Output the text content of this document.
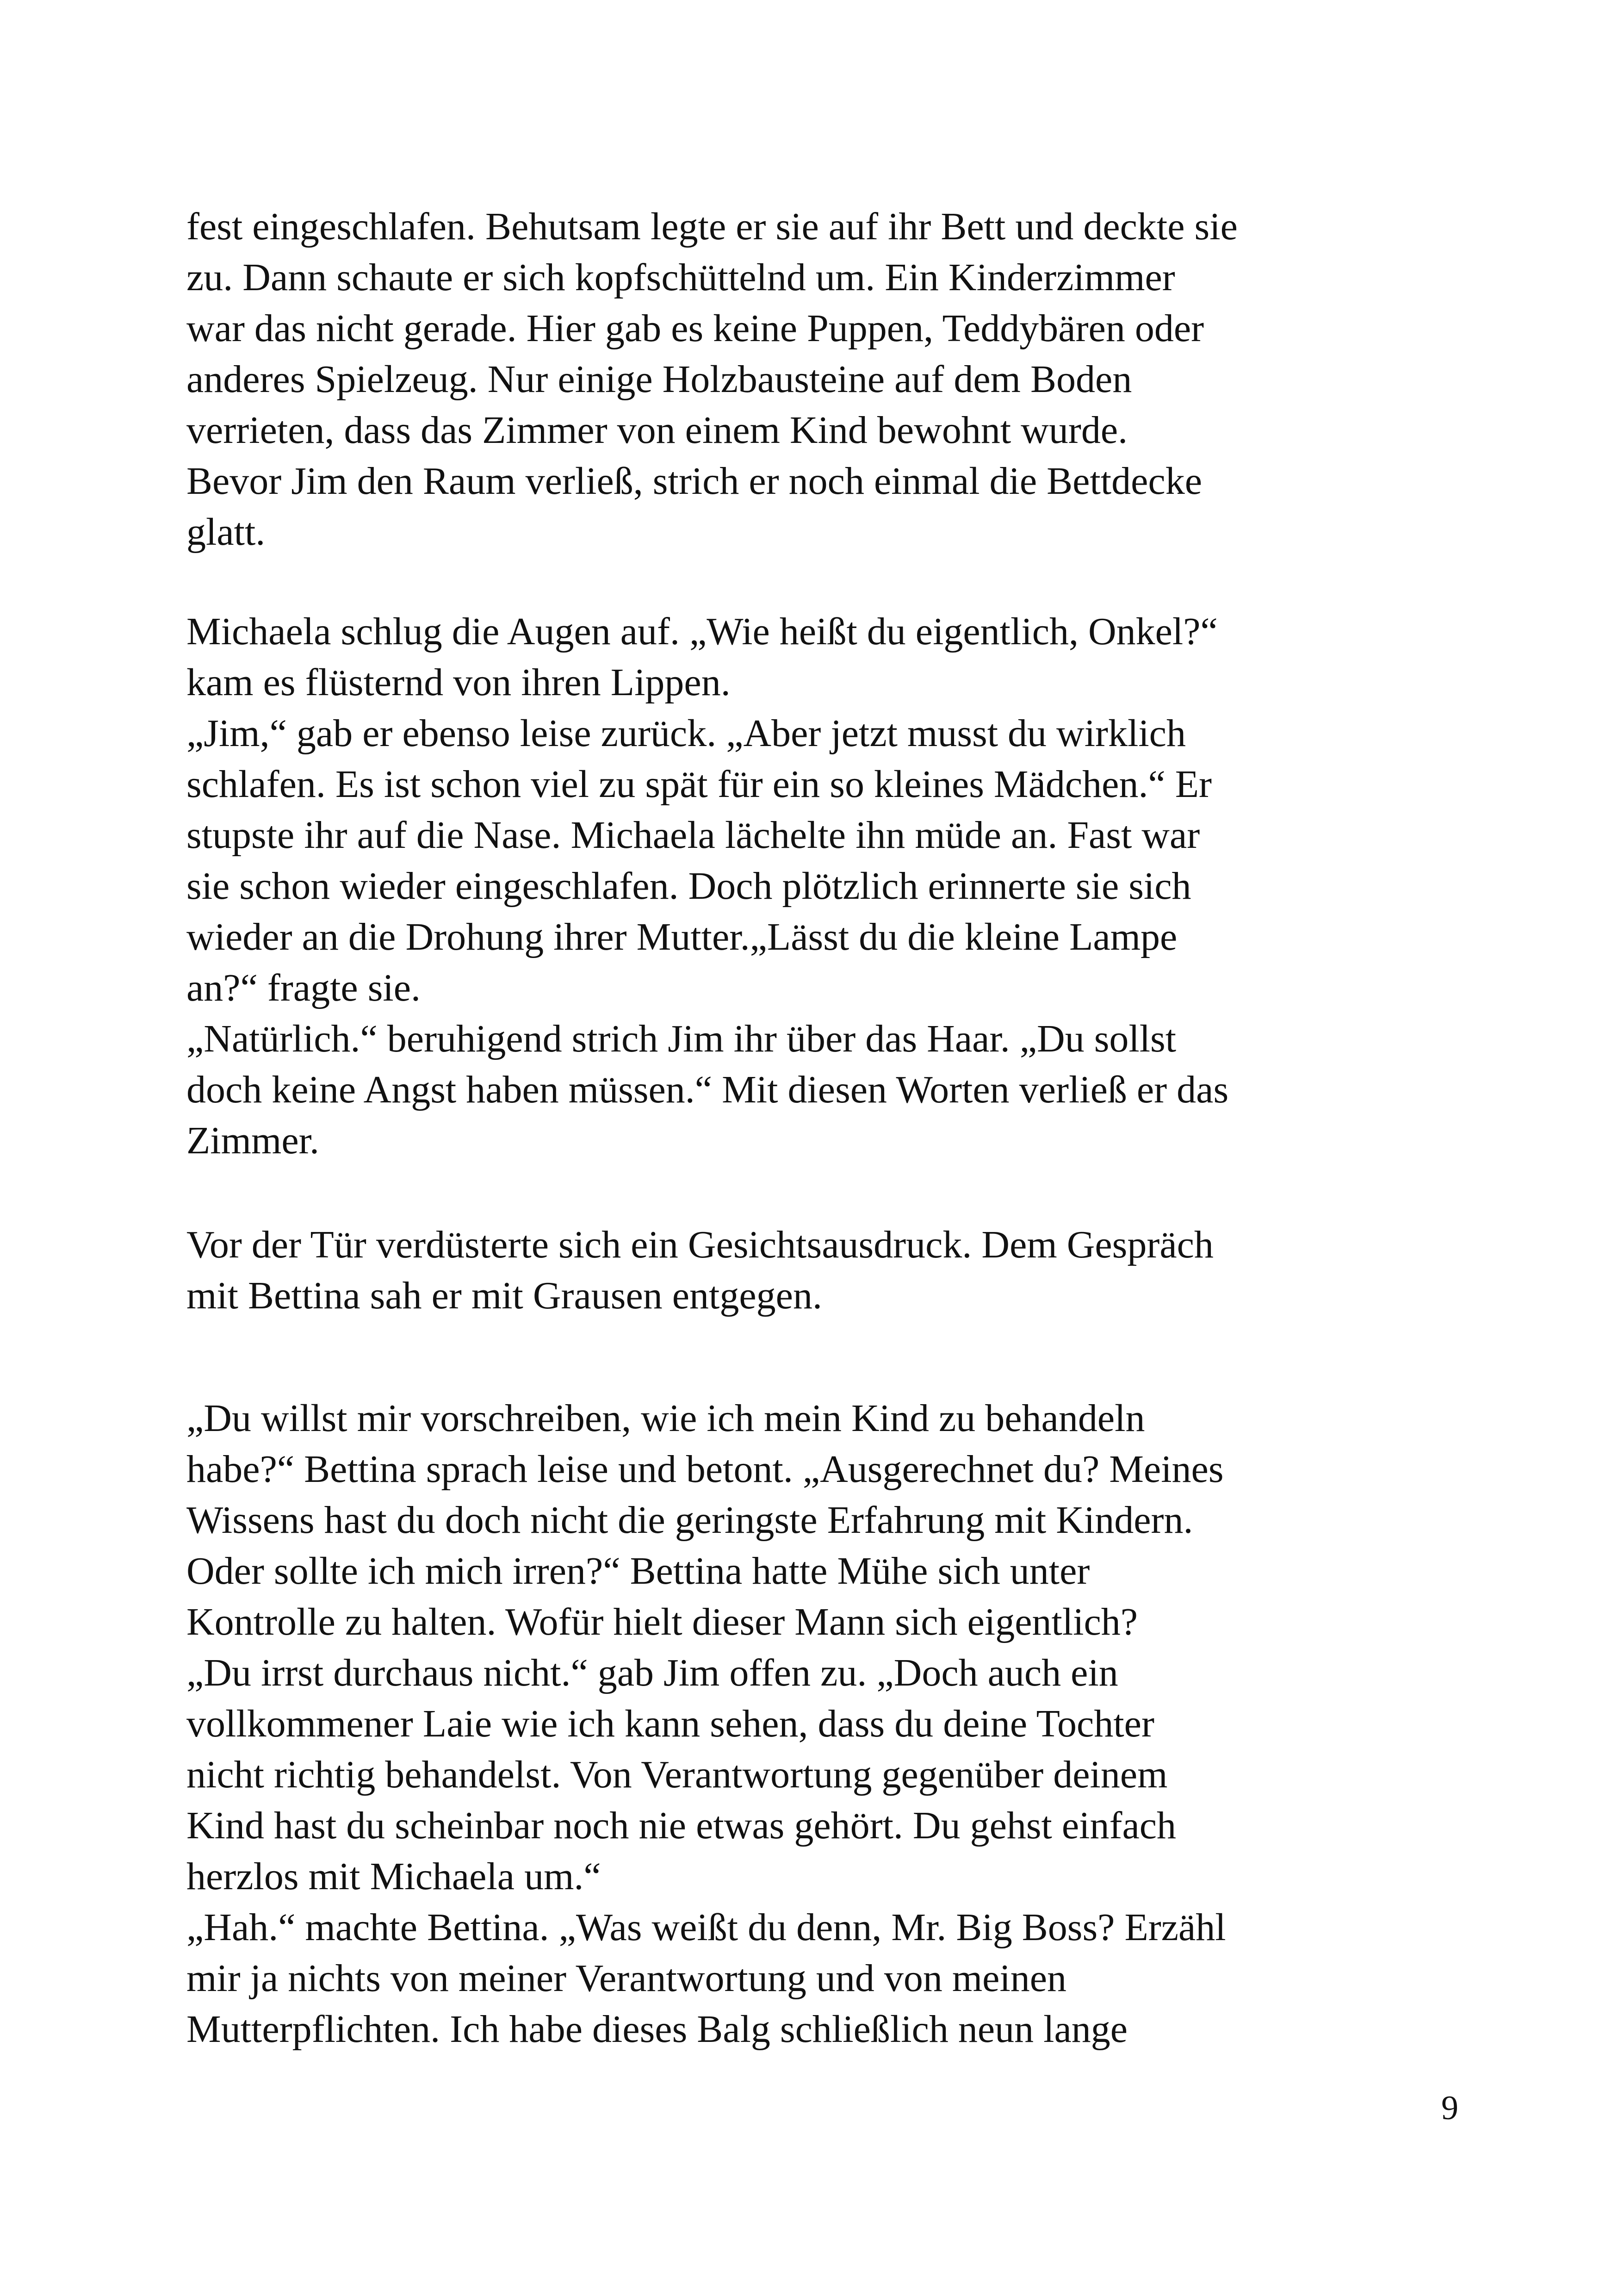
fest eingeschlafen. Behutsam legte er sie auf ihr Bett und deckte sie
zu. Dann schaute er sich kopfschüttelnd um. Ein Kinderzimmer
war das nicht gerade. Hier gab es keine Puppen, Teddybären oder
anderes Spielzeug. Nur einige Holzbausteine auf dem Boden
verrieten, dass das Zimmer von einem Kind bewohnt wurde.
Bevor Jim den Raum verließ, strich er noch einmal die Bettdecke
glatt.
Michaela schlug die Augen auf. „Wie heißt du eigentlich, Onkel?“
kam es flüsternd von ihren Lippen.
„Jim,“ gab er ebenso leise zurück. „Aber jetzt musst du wirklich
schlafen. Es ist schon viel zu spät für ein so kleines Mädchen.“ Er
stupste ihr auf die Nase. Michaela lächelte ihn müde an. Fast war
sie schon wieder eingeschlafen. Doch plötzlich erinnerte sie sich
wieder an die Drohung ihrer Mutter.„Lässt du die kleine Lampe
an?“ fragte sie.
„Natürlich.“ beruhigend strich Jim ihr über das Haar. „Du sollst
doch keine Angst haben müssen.“ Mit diesen Worten verließ er das
Zimmer.
Vor der Tür verdüsterte sich ein Gesichtsausdruck. Dem Gespräch
mit Bettina sah er mit Grausen entgegen.
„Du willst mir vorschreiben, wie ich mein Kind zu behandeln
habe?“ Bettina sprach leise und betont. „Ausgerechnet du? Meines
Wissens hast du doch nicht die geringste Erfahrung mit Kindern.
Oder sollte ich mich irren?“ Bettina hatte Mühe sich unter
Kontrolle zu halten. Wofür hielt dieser Mann sich eigentlich?
„Du irrst durchaus nicht.“ gab Jim offen zu. „Doch auch ein
vollkommener Laie wie ich kann sehen, dass du deine Tochter
nicht richtig behandelst. Von Verantwortung gegenüber deinem
Kind hast du scheinbar noch nie etwas gehört. Du gehst einfach
herzlos mit Michaela um.“
„Hah.“ machte Bettina. „Was weißt du denn, Mr. Big Boss? Erzähl
mir ja nichts von meiner Verantwortung und von meinen
Mutterpflichten. Ich habe dieses Balg schließlich neun lange
9
